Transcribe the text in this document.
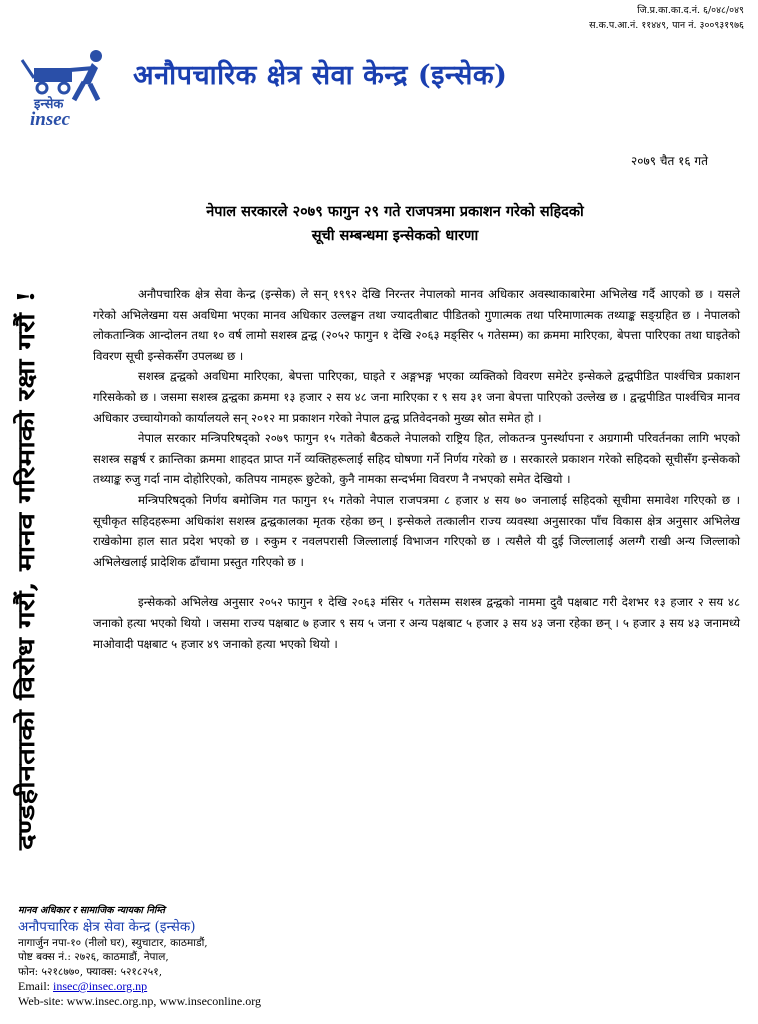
जि.प्र.का.का.द.नं. ६/०४८/०४९
स.क.प.आ.नं. ११४४९, पान नं. ३००९३१९७६
इन्सेक
insec
अनौपचारिक क्षेत्र सेवा केन्द्र (इन्सेक)
२०७९ चैत १६ गते
नेपाल सरकारले २०७९ फागुन २९ गते राजपत्रमा प्रकाशन गरेको सहिदको
सूची सम्बन्धमा इन्सेकको धारणा
दण्डहीनताको विरोध गरौं, मानव गरिमाको रक्षा गरौं !

अनौपचारिक क्षेत्र सेवा केन्द्र (इन्सेक) ले सन् १९९२ देखि निरन्तर नेपालको मानव अधिकार अवस्थाकाबारेमा अभिलेख गर्दै आएको छ । यसले गरेको अभिलेखमा यस अवधिमा भएका मानव अधिकार उल्लङ्घन तथा ज्यादतीबाट पीडितको गुणात्मक तथा परिमाणात्मक तथ्याङ्क सङ्ग्रहित छ । नेपालको लोकतान्त्रिक आन्दोलन तथा १० वर्ष लामो सशस्त्र द्वन्द्व (२०५२ फागुन १ देखि २०६३ मङ्सिर ५ गतेसम्म) का क्रममा मारिएका, बेपत्ता पारिएका तथा घाइतेको विवरण सूची इन्सेकसँग उपलब्ध छ ।

सशस्त्र द्वन्द्वको अवधिमा मारिएका, बेपत्ता पारिएका, घाइते र अङ्गभङ्ग भएका व्यक्तिको विवरण समेटेर इन्सेकले द्वन्द्वपीडित पार्श्वचित्र प्रकाशन गरिसकेको छ । जसमा सशस्त्र द्वन्द्वका क्रममा १३ हजार २ सय ४८ जना मारिएका र ९ सय ३१ जना बेपत्ता पारिएको उल्लेख छ । द्वन्द्वपीडित पार्श्वचित्र मानव अधिकार उच्चायोगको कार्यालयले सन् २०१२ मा प्रकाशन गरेको नेपाल द्वन्द्व प्रतिवेदनको मुख्य स्रोत समेत हो ।

नेपाल सरकार मन्त्रिपरिषद्को २०७९ फागुन १५ गतेको बैठकले नेपालको राष्ट्रिय हित, लोकतन्त्र पुनर्स्थापना र अग्रगामी परिवर्तनका लागि भएको सशस्त्र सङ्घर्ष र क्रान्तिका क्रममा शाहदत प्राप्त गर्ने व्यक्तिहरूलाई सहिद घोषणा गर्ने निर्णय गरेको छ । सरकारले प्रकाशन गरेको सहिदको सूचीसँग इन्सेकको तथ्याङ्क रुजु गर्दा नाम दोहोरिएको, कतिपय नामहरू छुटेको, कुनै नामका सन्दर्भमा विवरण नै नभएको समेत देखियो ।

मन्त्रिपरिषद्को निर्णय बमोजिम गत फागुन १५ गतेको नेपाल राजपत्रमा ८ हजार ४ सय ७० जनालाई सहिदको सूचीमा समावेश गरिएको छ । सूचीकृत सहिदहरूमा अधिकांश सशस्त्र द्वन्द्वकालका मृतक रहेका छन् । इन्सेकले तत्कालीन राज्य व्यवस्था अनुसारका पाँच विकास क्षेत्र अनुसार अभिलेख राखेकोमा हाल सात प्रदेश भएको छ । रुकुम र नवलपरासी जिल्लालाई विभाजन गरिएको छ । त्यसैले यी दुई जिल्लालाई अलग्गै राखी अन्य जिल्लाको अभिलेखलाई प्रादेशिक ढाँचामा प्रस्तुत गरिएको छ ।

इन्सेकको अभिलेख अनुसार २०५२ फागुन १ देखि २०६३ मंसिर ५ गतेसम्म सशस्त्र द्वन्द्वको नाममा दुवै पक्षबाट गरी देशभर १३ हजार २ सय ४८ जनाको हत्या भएको थियो । जसमा राज्य पक्षबाट ७ हजार ९ सय ५ जना र अन्य पक्षबाट ५ हजार ३ सय ४३ जना रहेका छन् । ५ हजार ३ सय ४३ जनामध्ये माओवादी पक्षबाट ५ हजार ४९ जनाको हत्या भएको थियो ।

मानव अधिकार र सामाजिक न्यायका निम्ति
अनौपचारिक क्षेत्र सेवा केन्द्र (इन्सेक)
नागार्जुन नपा-१० (नीलो घर), स्युचाटार, काठमाडौं,
पोष्ट बक्स नं.: २७२६, काठमाडौं, नेपाल,
फोन: ५२१८७७०, फ्याक्स: ५२१८२५१,
Email: insec@insec.org.np
Web-site: www.insec.org.np, www.inseconline.org
